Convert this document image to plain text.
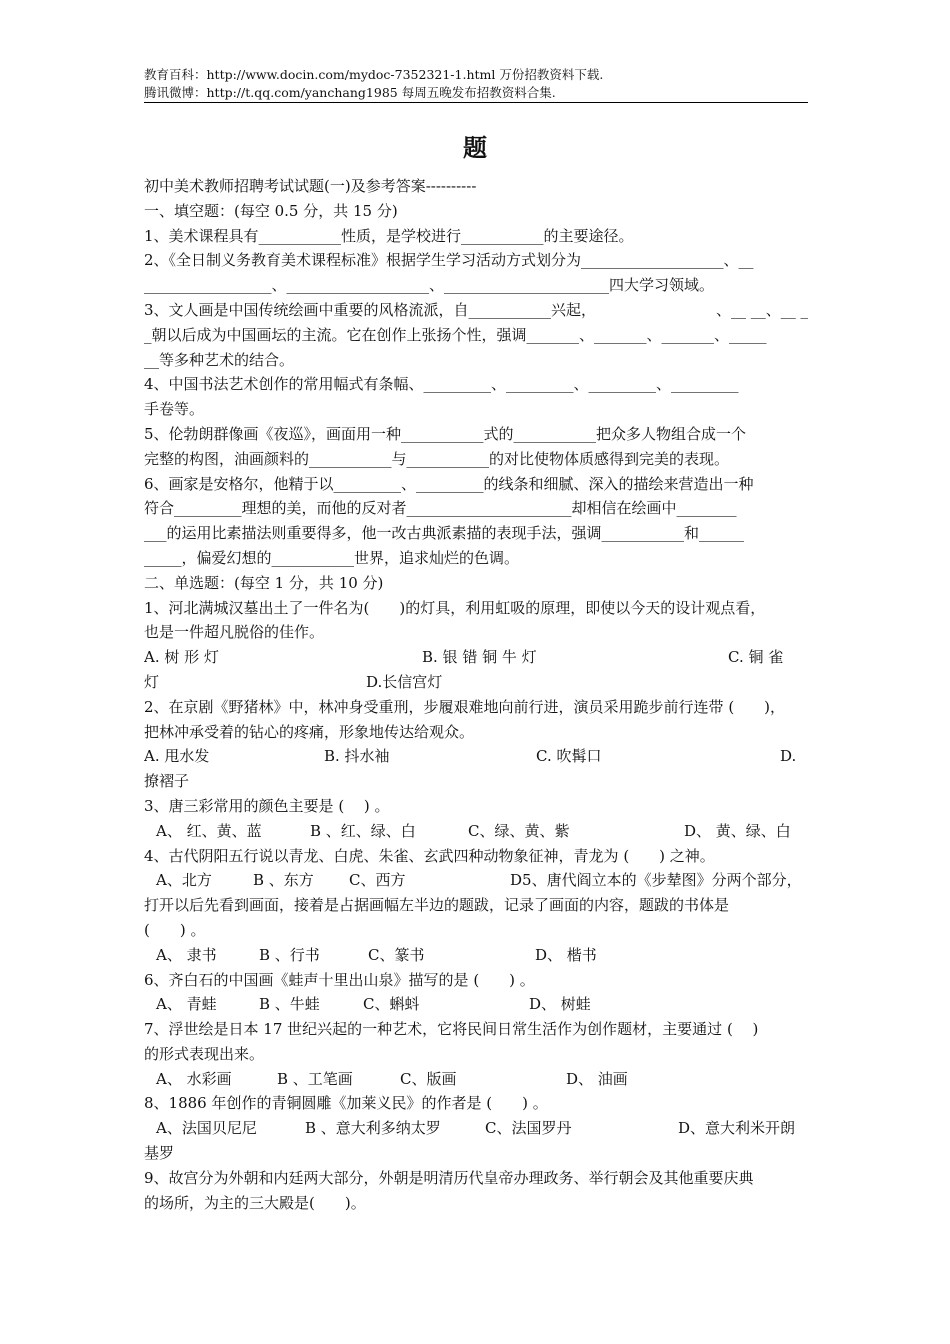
教育百科：http://www.docin.com/mydoc-7352321-1.html 万份招教资料下载.
腾讯微博：http://t.qq.com/yanchang1985 每周五晚发布招教资料合集.
题
初中美术教师招聘考试试题(一)及参考答案----------
一、填空题：(每空 0.5 分，共 15 分)
1、美术课程具有___________性质，是学校进行___________的主要途径。
2、《全日制义务教育美术课程标准》根据学生学习活动方式划分为___________________、__
_________________、___________________、______________________四大学习领域。
3、文人画是中国传统绘画中重要的风格流派，自___________兴起，	、__ __、__ _
_朝以后成为中国画坛的主流。它在创作上张扬个性，强调_______、_______、_______、_____
__等多种艺术的结合。
4、中国书法艺术创作的常用幅式有条幅、_________、_________、_________、_________
手卷等。
5、伦勃朗群像画《夜巡》，画面用一种___________式的___________把众多人物组合成一个
完整的构图，油画颜料的___________与___________的对比使物体质感得到完美的表现。
6、画家是安格尔，他精于以_________、_________的线条和细腻、深入的描绘来营造出一种
符合_________理想的美，而他的反对者______________________却相信在绘画中________
___的运用比素描法则重要得多，他一改古典派素描的表现手法，强调___________和______
_____，偏爱幻想的___________世界，追求灿烂的色调。
二、单选题：(每空 1 分，共 10 分)
1、河北满城汉墓出土了一件名为(　　)的灯具，利用虹吸的原理，即使以今天的设计观点看，
也是一件超凡脱俗的佳作。
A. 树 形 灯	B. 银 错 铜 牛 灯	C. 铜 雀
灯	D.长信宫灯
2、在京剧《野猪林》中，林冲身受重刑，步履艰难地向前行进，演员采用跪步前行连带 (　　)，
把林冲承受着的钻心的疼痛，形象地传达给观众。
A. 甩水发	B. 抖水袖	C. 吹髯口	D.
撩褶子
3、唐三彩常用的颜色主要是 (　 ) 。
A、 红、黄、蓝	B 、红、绿、白	C、绿、黄、紫	D、 黄、绿、白
4、古代阴阳五行说以青龙、白虎、朱雀、玄武四种动物象征神，青龙为 (　　) 之神。
A、北方	B 、东方	C、西方	D5、唐代阎立本的《步辇图》分两个部分，
打开以后先看到画面，接着是占据画幅左半边的题跋，记录了画面的内容，题跋的书体是
(　　) 。
A、 隶书	B 、行书	C、篆书	D、 楷书
6、齐白石的中国画《蛙声十里出山泉》描写的是 (　　) 。
A、 青蛙	B 、牛蛙	C、蝌蚪	D、 树蛙
7、浮世绘是日本 17 世纪兴起的一种艺术，它将民间日常生活作为创作题材，主要通过 (　 )
的形式表现出来。
A、 水彩画	B 、工笔画	C、版画	D、 油画
8、1886 年创作的青铜圆雕《加莱义民》的作者是 (　　) 。
A、法国贝尼尼	B 、意大利多纳太罗	C、法国罗丹	D、意大利米开朗
基罗
9、故宫分为外朝和内廷两大部分，外朝是明清历代皇帝办理政务、举行朝会及其他重要庆典
的场所，为主的三大殿是(　　)。
